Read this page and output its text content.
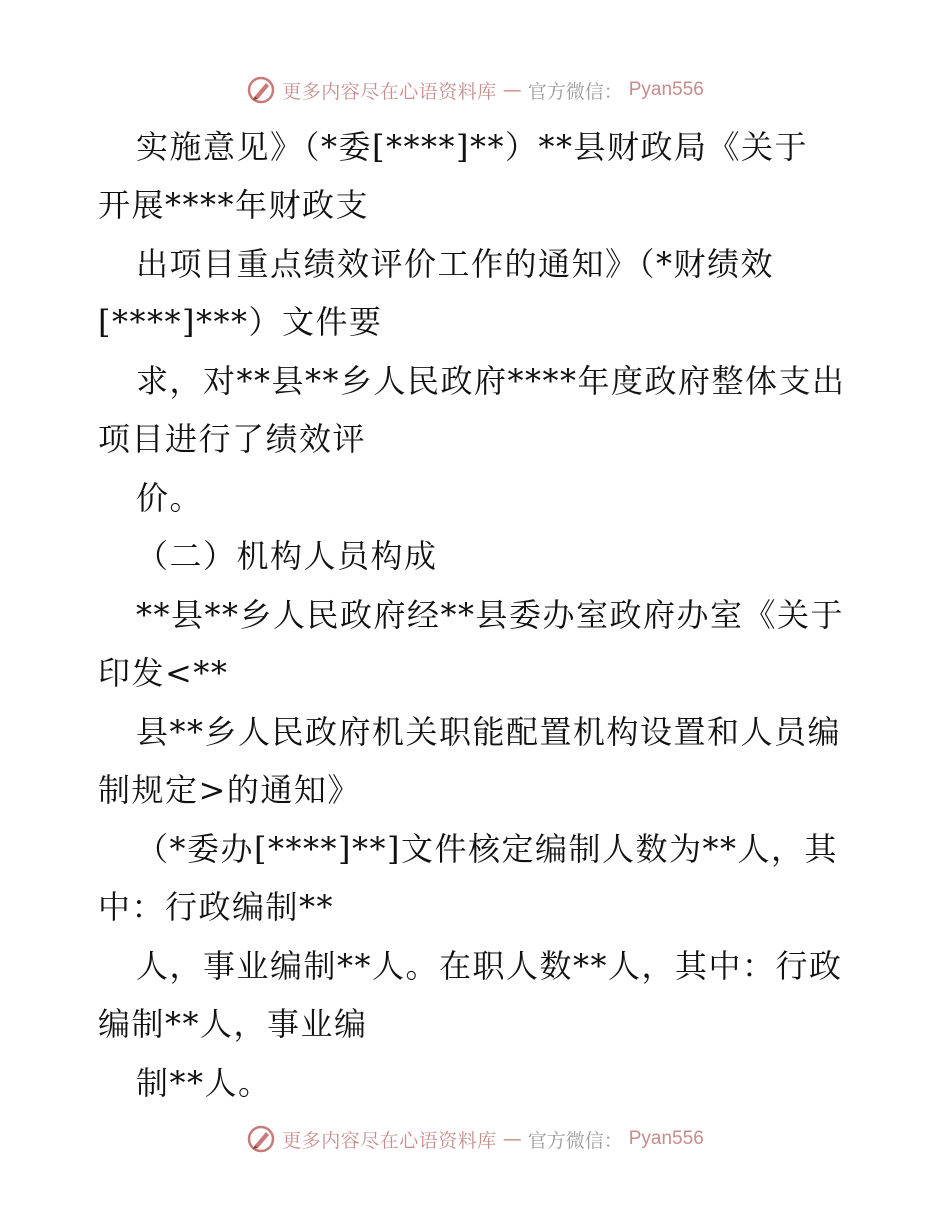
更多内容尽在心语资料库 — 官方微信： Pyan556
实施意见》（*委[****]**）**县财政局《关于
开展****年财政支
出项目重点绩效评价工作的通知》（*财绩效
[****]***）文件要
求，对**县**乡人民政府****年度政府整体支出
项目进行了绩效评
价。
（二）机构人员构成
**县**乡人民政府经**县委办室政府办室《关于
印发<**
县**乡人民政府机关职能配置机构设置和人员编
制规定>的通知》
（*委办[****]**]文件核定编制人数为**人，其
中：行政编制**
人，事业编制**人。在职人数**人，其中：行政
编制**人，事业编
制**人。
更多内容尽在心语资料库 — 官方微信： Pyan556
